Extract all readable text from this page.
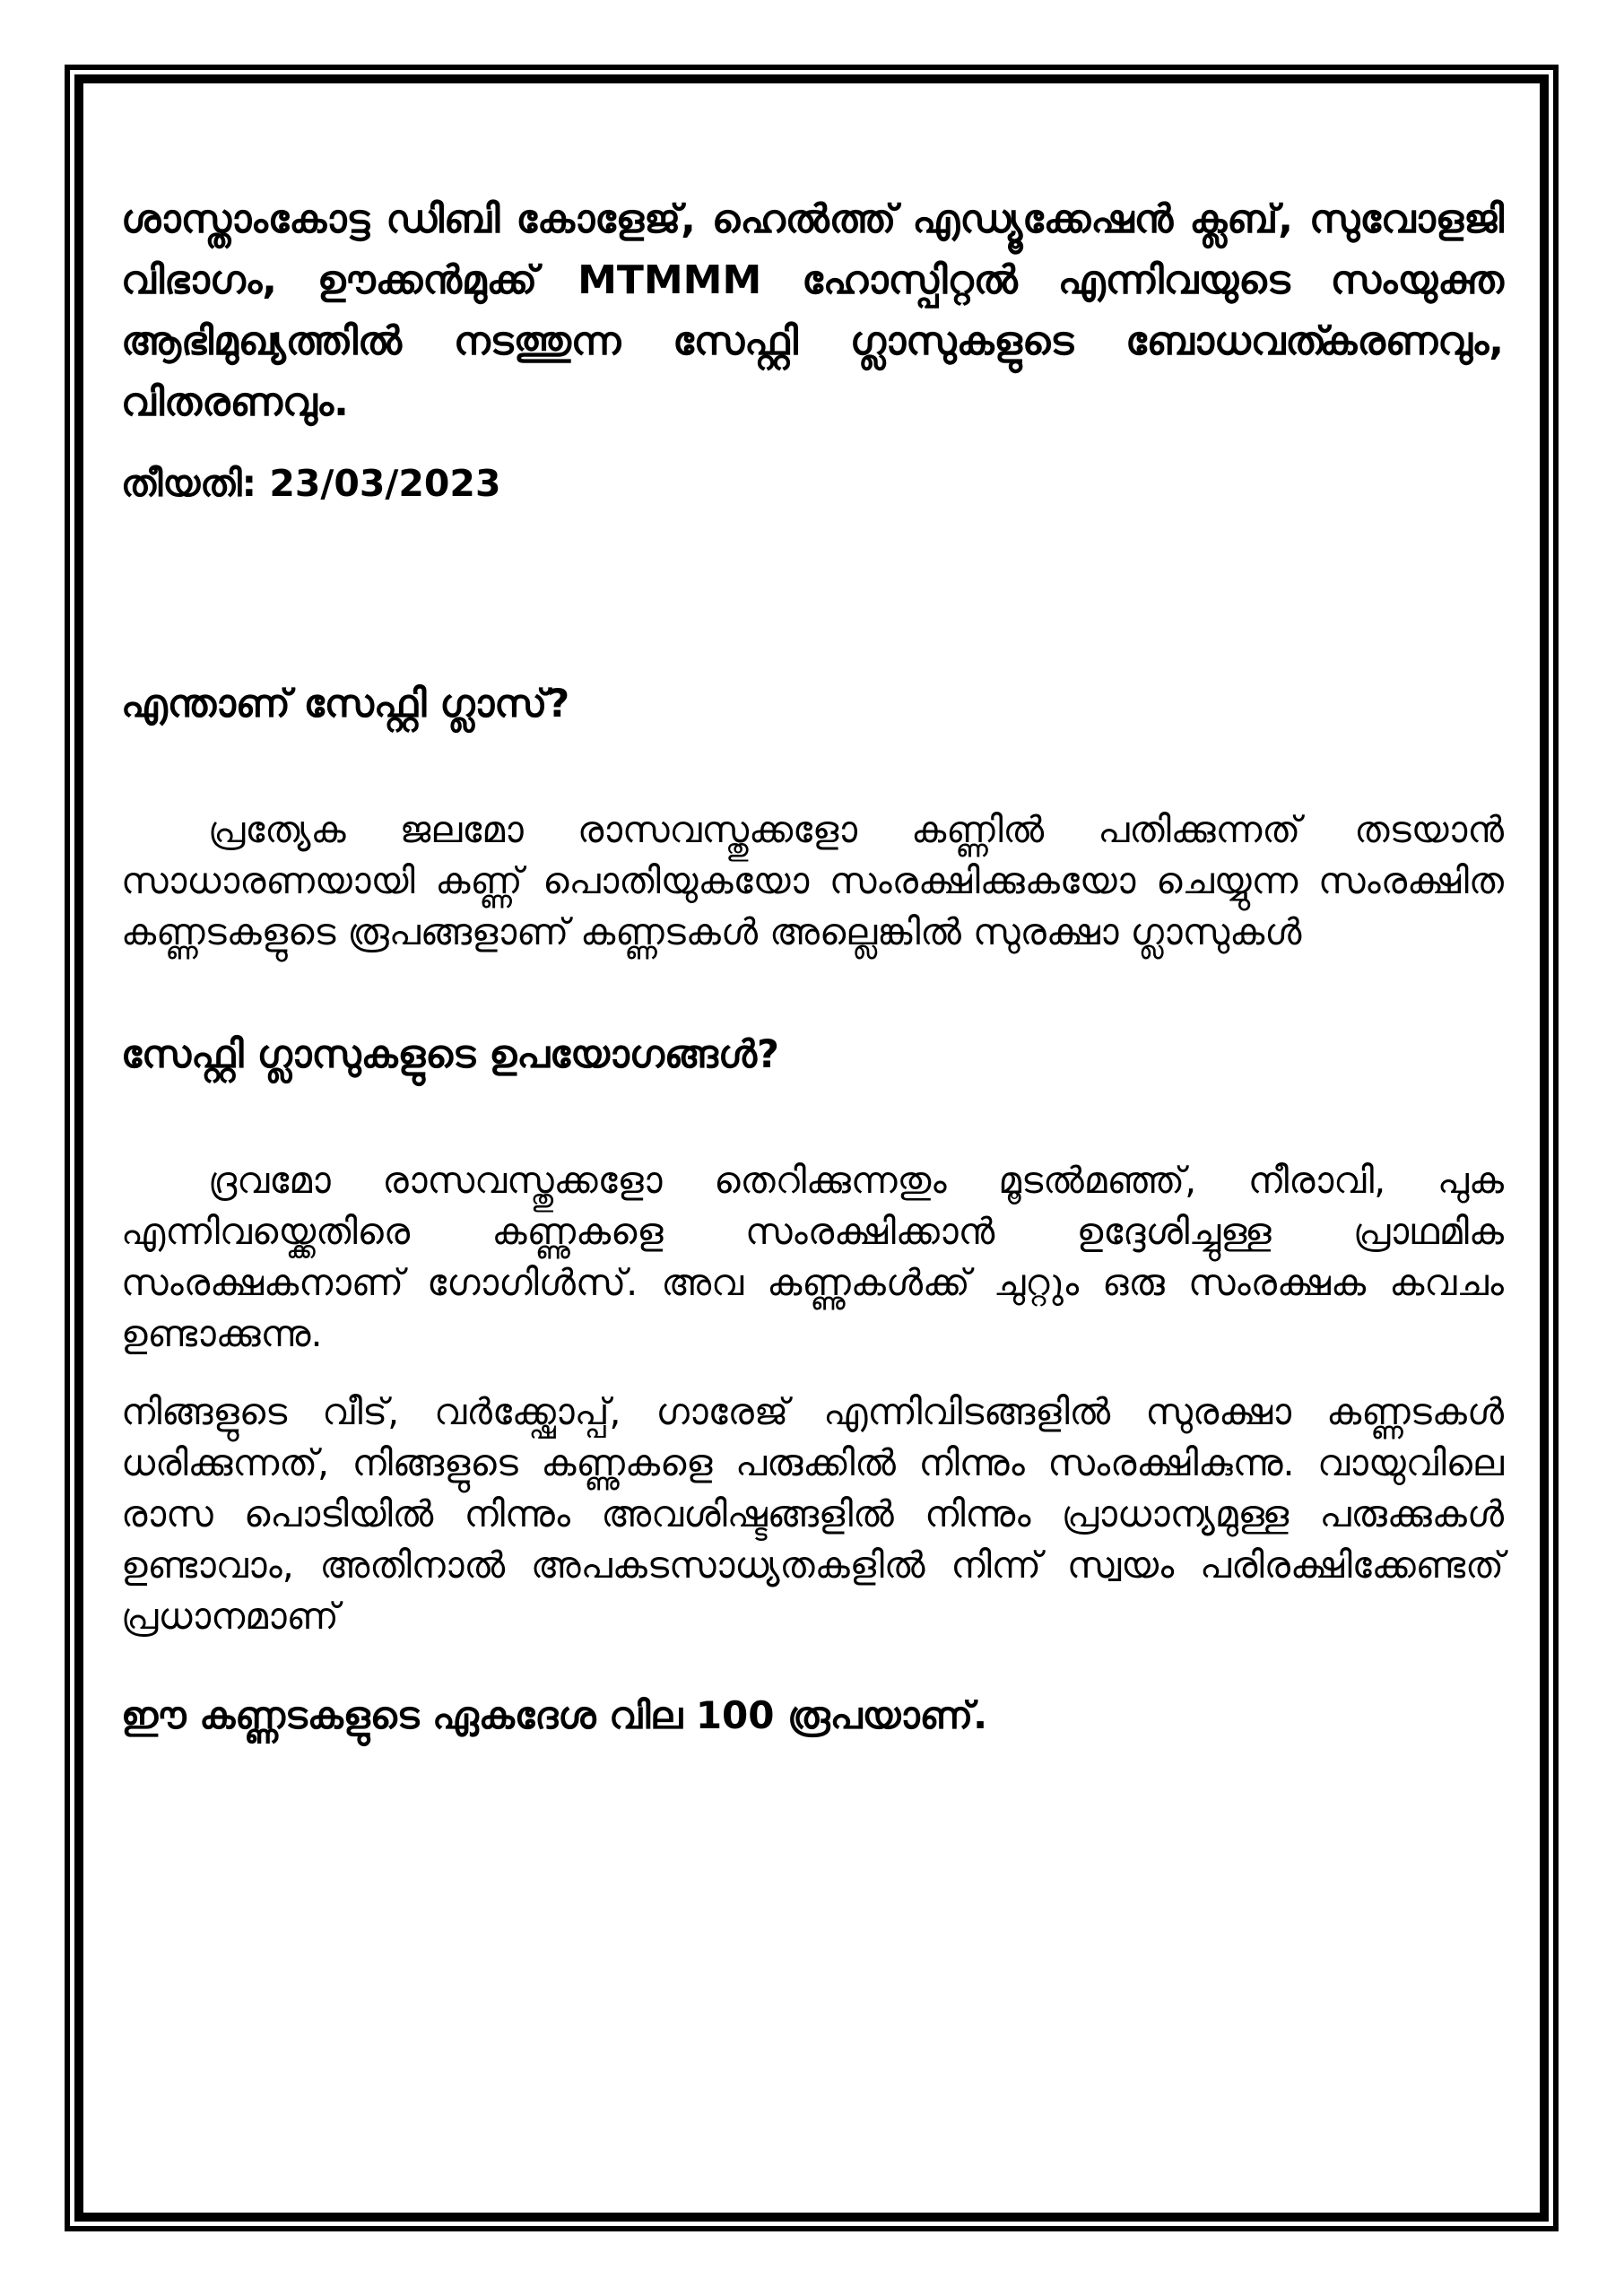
ശാസ്താംകോട്ട ഡിബി കോളേജ്, ഹെൽത്ത് എഡ്യൂക്കേഷൻ ക്ലബ്, സുവോളജി വിഭാഗം, ഊക്കൻമുക്ക് MTMMM ഹോസ്പിറ്റൽ എന്നിവയുടെ സംയുക്ത ആഭിമുഖ്യത്തിൽ നടത്തുന്ന സേഫ്റ്റി ഗ്ലാസുകളുടെ ബോധവത്കരണവും, വിതരണവും.

തീയതി: 23/03/2023

എന്താണ് സേഫ്റ്റി ഗ്ലാസ്?

പ്രത്യേക ജലമോ രാസവസ്തുക്കളോ കണ്ണിൽ പതിക്കുന്നത് തടയാൻ സാധാരണയായി കണ്ണ് പൊതിയുകയോ സംരക്ഷിക്കുകയോ ചെയ്യുന്ന സംരക്ഷിത കണ്ണടകളുടെ രൂപങ്ങളാണ് കണ്ണടകൾ അല്ലെങ്കിൽ സുരക്ഷാ ഗ്ലാസുകൾ

സേഫ്റ്റി ഗ്ലാസുകളുടെ ഉപയോഗങ്ങൾ?

ദ്രവമോ രാസവസ്തുക്കളോ തെറിക്കുന്നതും മൂടൽമഞ്ഞ്, നീരാവി, പുക എന്നിവയ്ക്കെതിരെ കണ്ണുകളെ സംരക്ഷിക്കാൻ ഉദ്ദേശിച്ചുള്ള പ്രാഥമിക സംരക്ഷകനാണ് ഗോഗിൾസ്. അവ കണ്ണുകൾക്ക് ചുറ്റും ഒരു സംരക്ഷക കവചം ഉണ്ടാക്കുന്നു.

നിങ്ങളുടെ വീട്, വർക്ക്ഷോപ്പ്, ഗാരേജ് എന്നിവിടങ്ങളിൽ സുരക്ഷാ കണ്ണടകൾ ധരിക്കുന്നത്, നിങ്ങളുടെ കണ്ണുകളെ പരുക്കിൽ നിന്നും സംരക്ഷികുന്നു. വായുവിലെ രാസ പൊടിയിൽ നിന്നും അവശിഷ്ടങ്ങളിൽ നിന്നും പ്രാധാന്യമുള്ള പരുക്കുകൾ ഉണ്ടാവാം, അതിനാൽ അപകടസാധ്യതകളിൽ നിന്ന് സ്വയം പരിരക്ഷിക്കേണ്ടത് പ്രധാനമാണ്

ഈ കണ്ണടകളുടെ ഏകദേശ വില 100 രൂപയാണ്.
